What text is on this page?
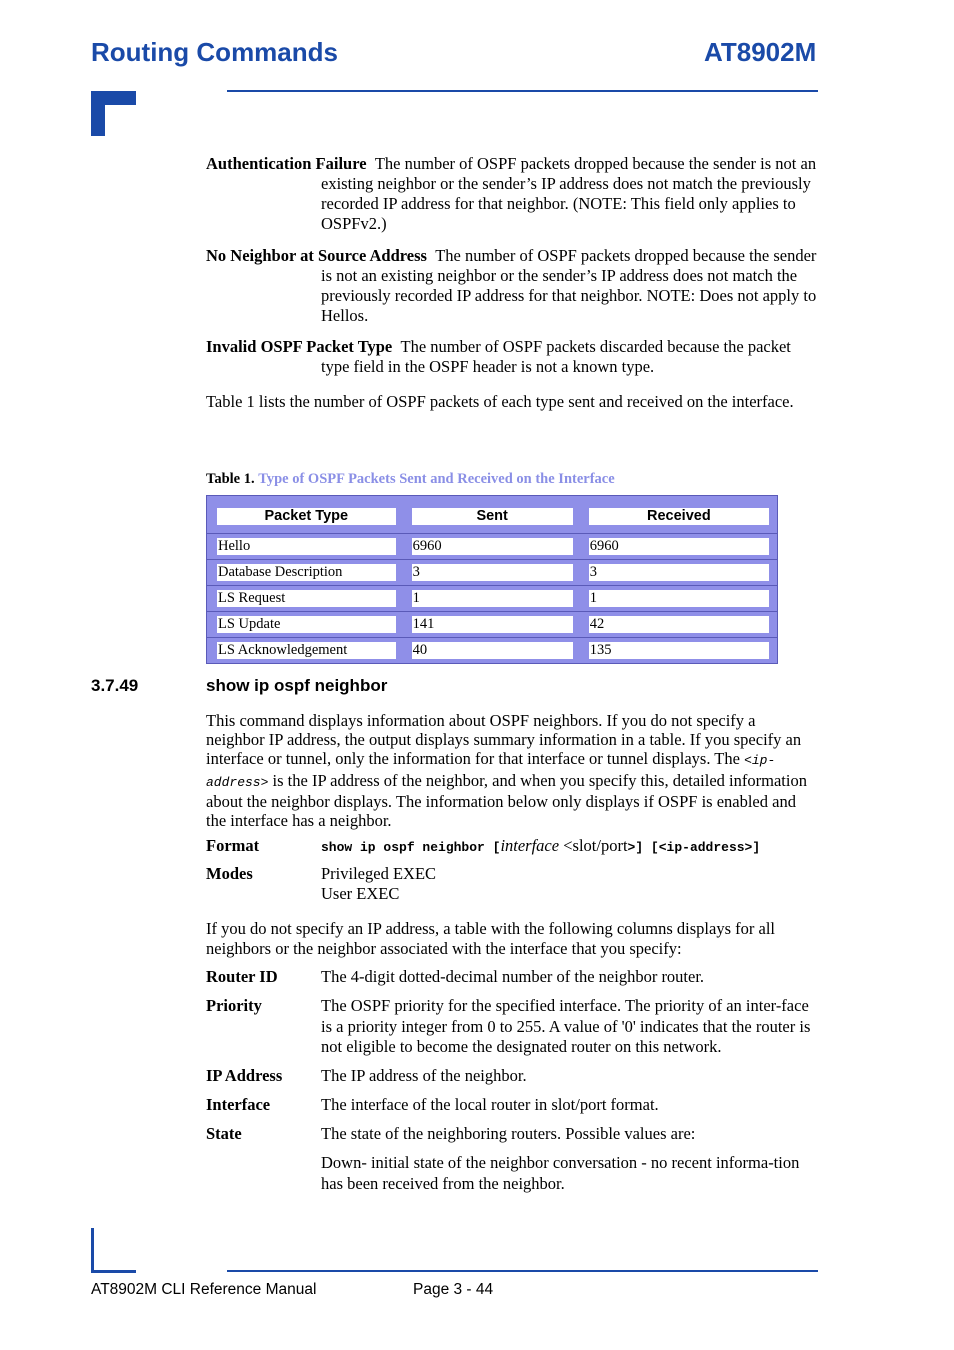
Routing Commands	AT8902M
Authentication Failure The number of OSPF packets dropped because the sender is not an existing neighbor or the sender’s IP address does not match the previously recorded IP address for that neighbor. (NOTE: This field only applies to OSPFv2.)
No Neighbor at Source Address The number of OSPF packets dropped because the sender is not an existing neighbor or the sender’s IP address does not match the previously recorded IP address for that neighbor. NOTE: Does not apply to Hellos.
Invalid OSPF Packet Type The number of OSPF packets discarded because the packet type field in the OSPF header is not a known type.
Table 1 lists the number of OSPF packets of each type sent and received on the interface.
Table 1. Type of OSPF Packets Sent and Received on the Interface
Packet Type	Sent	Received

Hello	6960	6960

Database Description	3	3

LS Request	1	1

LS Update	141	42

LS Acknowledgement	40	135
3.7.49	show ip ospf neighbor
This command displays information about OSPF neighbors. If you do not specify a neighbor IP address, the output displays summary information in a table. If you specify an interface or tunnel, only the information for that interface or tunnel displays. The <ip-address> is the IP address of the neighbor, and when you specify this, detailed information about the neighbor displays. The information below only displays if OSPF is enabled and the interface has a neighbor.
Format	show ip ospf neighbor [interface <slot/port>] [<ip-address>]
Modes	Privileged EXEC
User EXEC
If you do not specify an IP address, a table with the following columns displays for all neighbors or the neighbor associated with the interface that you specify:
Router ID	The 4-digit dotted-decimal number of the neighbor router.
Priority	The OSPF priority for the specified interface. The priority of an inter-face is a priority integer from 0 to 255. A value of '0' indicates that the router is not eligible to become the designated router on this network.
IP Address The IP address of the neighbor.
Interface	The interface of the local router in slot/port format.
State	The state of the neighboring routers. Possible values are:
Down- initial state of the neighbor conversation - no recent informa-tion has been received from the neighbor.
AT8902M CLI Reference Manual	Page 3 - 44
